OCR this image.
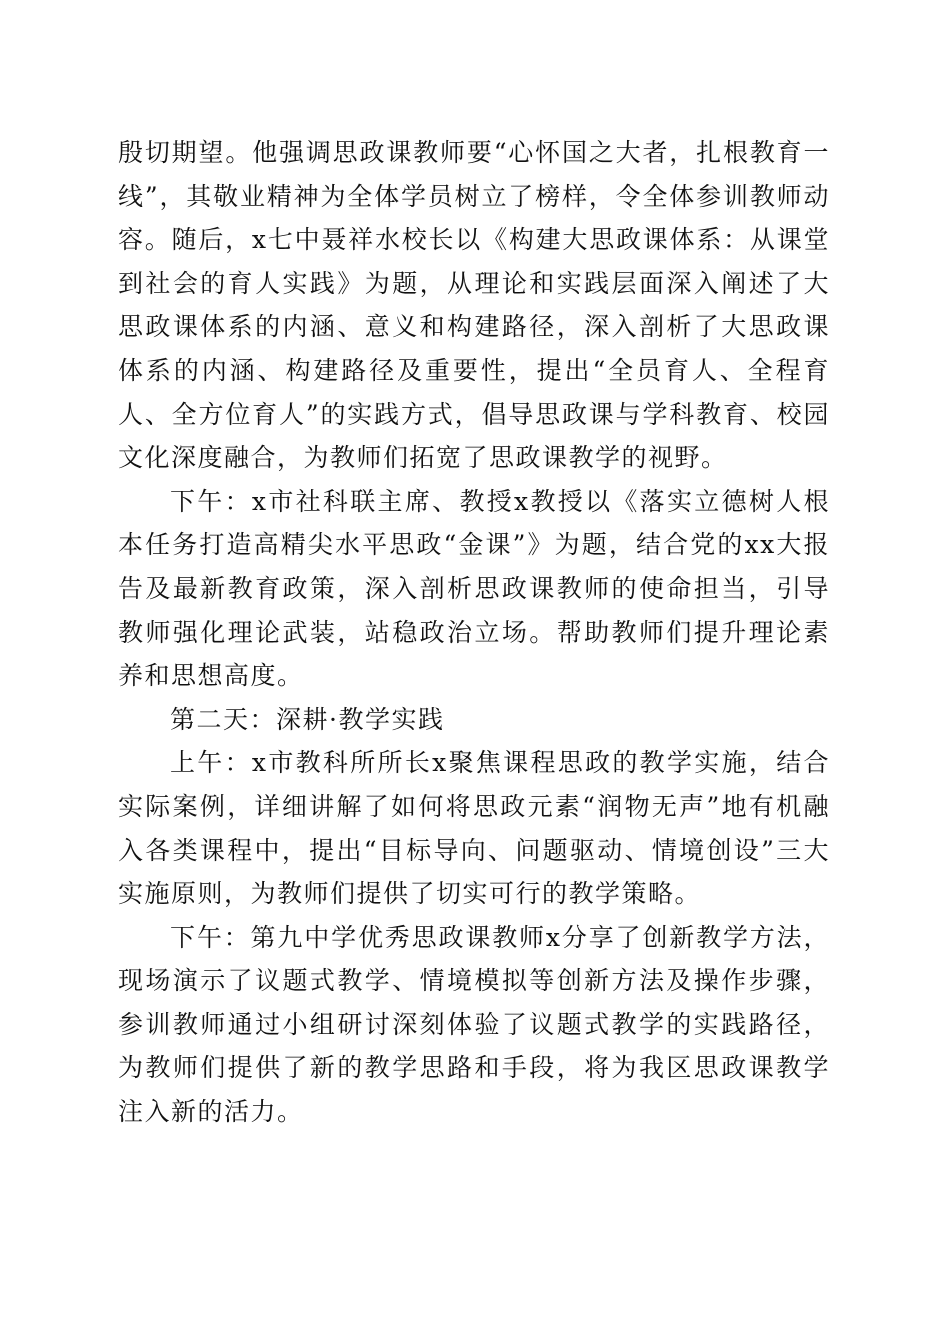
殷切期望。他强调思政课教师要“心怀国之大者，扎根教育一线”，其敬业精神为全体学员树立了榜样，令全体参训教师动容。随后，x七中聂祥水校长以《构建大思政课体系：从课堂到社会的育人实践》为题，从理论和实践层面深入阐述了大思政课体系的内涵、意义和构建路径，深入剖析了大思政课体系的内涵、构建路径及重要性，提出“全员育人、全程育人、全方位育人”的实践方式，倡导思政课与学科教育、校园文化深度融合，为教师们拓宽了思政课教学的视野。

下午：x市社科联主席、教授x教授以《落实立德树人根本任务打造高精尖水平思政“金课”》为题，结合党的xx大报告及最新教育政策，深入剖析思政课教师的使命担当，引导教师强化理论武装，站稳政治立场。帮助教师们提升理论素养和思想高度。

第二天：深耕·教学实践

上午：x市教科所所长x聚焦课程思政的教学实施，结合实际案例，详细讲解了如何将思政元素“润物无声”地有机融入各类课程中，提出“目标导向、问题驱动、情境创设”三大实施原则，为教师们提供了切实可行的教学策略。

下午：第九中学优秀思政课教师x分享了创新教学方法，现场演示了议题式教学、情境模拟等创新方法及操作步骤，参训教师通过小组研讨深刻体验了议题式教学的实践路径，为教师们提供了新的教学思路和手段，将为我区思政课教学注入新的活力。
